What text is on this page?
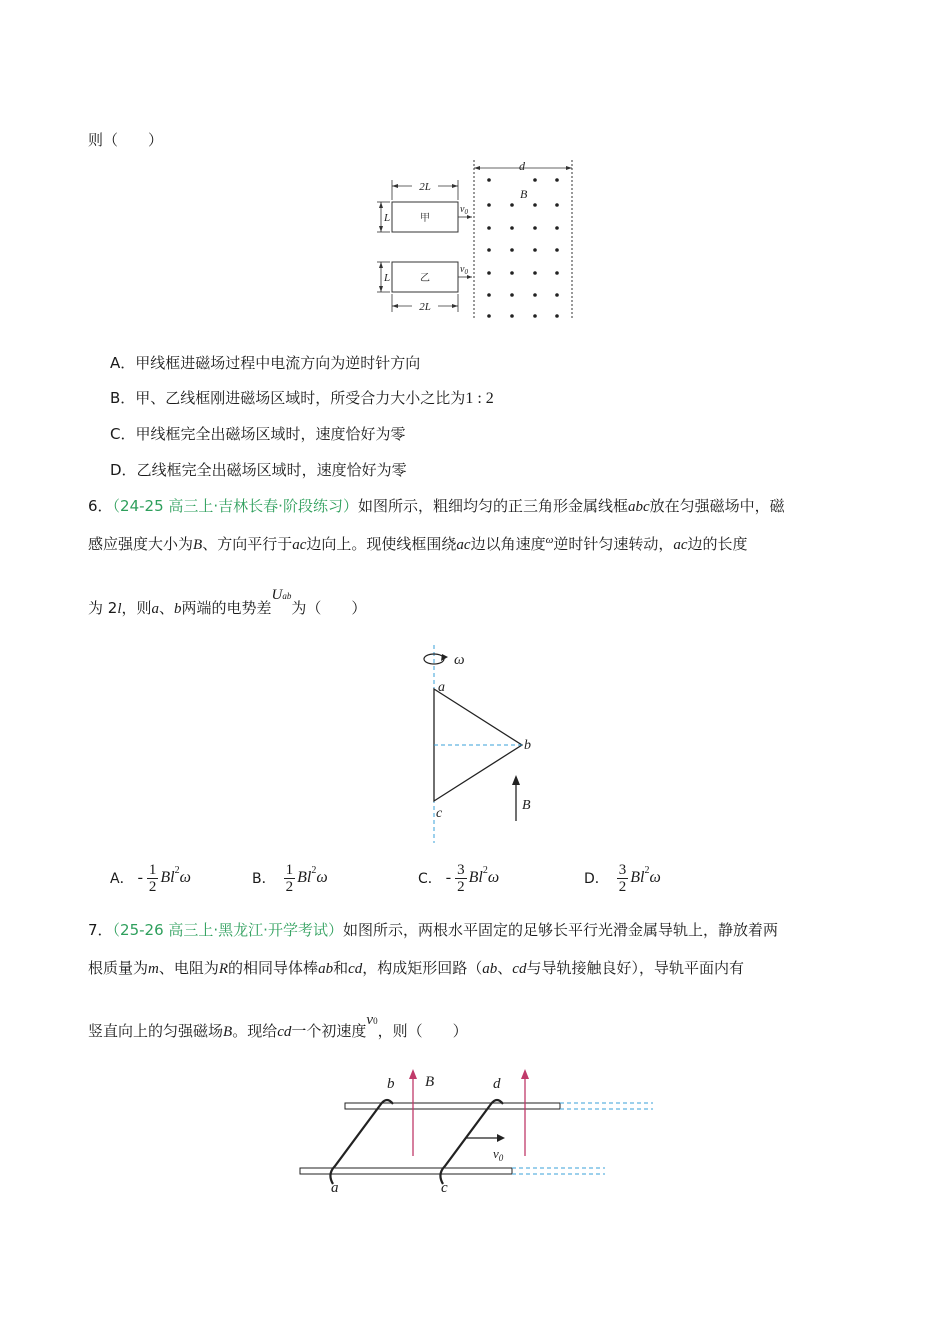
则（　　）
d
B
2L
甲
L
$v_0$
乙
L
$v_0$
2L
A．甲线框进磁场过程中电流方向为逆时针方向
B．甲、乙线框刚进磁场区域时，所受合力大小之比为1 : 2
C．甲线框完全出磁场区域时，速度恰好为零
D．乙线框完全出磁场区域时，速度恰好为零
6．（24-25 高三上·吉林长春·阶段练习）如图所示，粗细均匀的正三角形金属线框abc放在匀强磁场中，磁
感应强度大小为B、方向平行于ac边向上。现使线框围绕ac边以角速度$^\omega$逆时针匀速转动，ac边的长度
为 2l，则a、b两端的电势差Uab为（　　）
ω
a
b
c
B
A． - $\frac{1}{2}$ Bl 2 ω	B． $\frac{1}{2}$ Bl 2 ω	C． - $\frac{3}{2}$ Bl 2 ω	D． $\frac{3}{2}$ Bl 2 ω
7．（25-26 高三上·黑龙江·开学考试）如图所示，两根水平固定的足够长平行光滑金属导轨上，静放着两
根质量为m、电阻为R的相同导体棒ab和cd，构成矩形回路（ab、cd与导轨接触良好），导轨平面内有
竖直向上的匀强磁场B。现给cd一个初速度v0，则（　　）
b B	d
a	c
$v_0$
